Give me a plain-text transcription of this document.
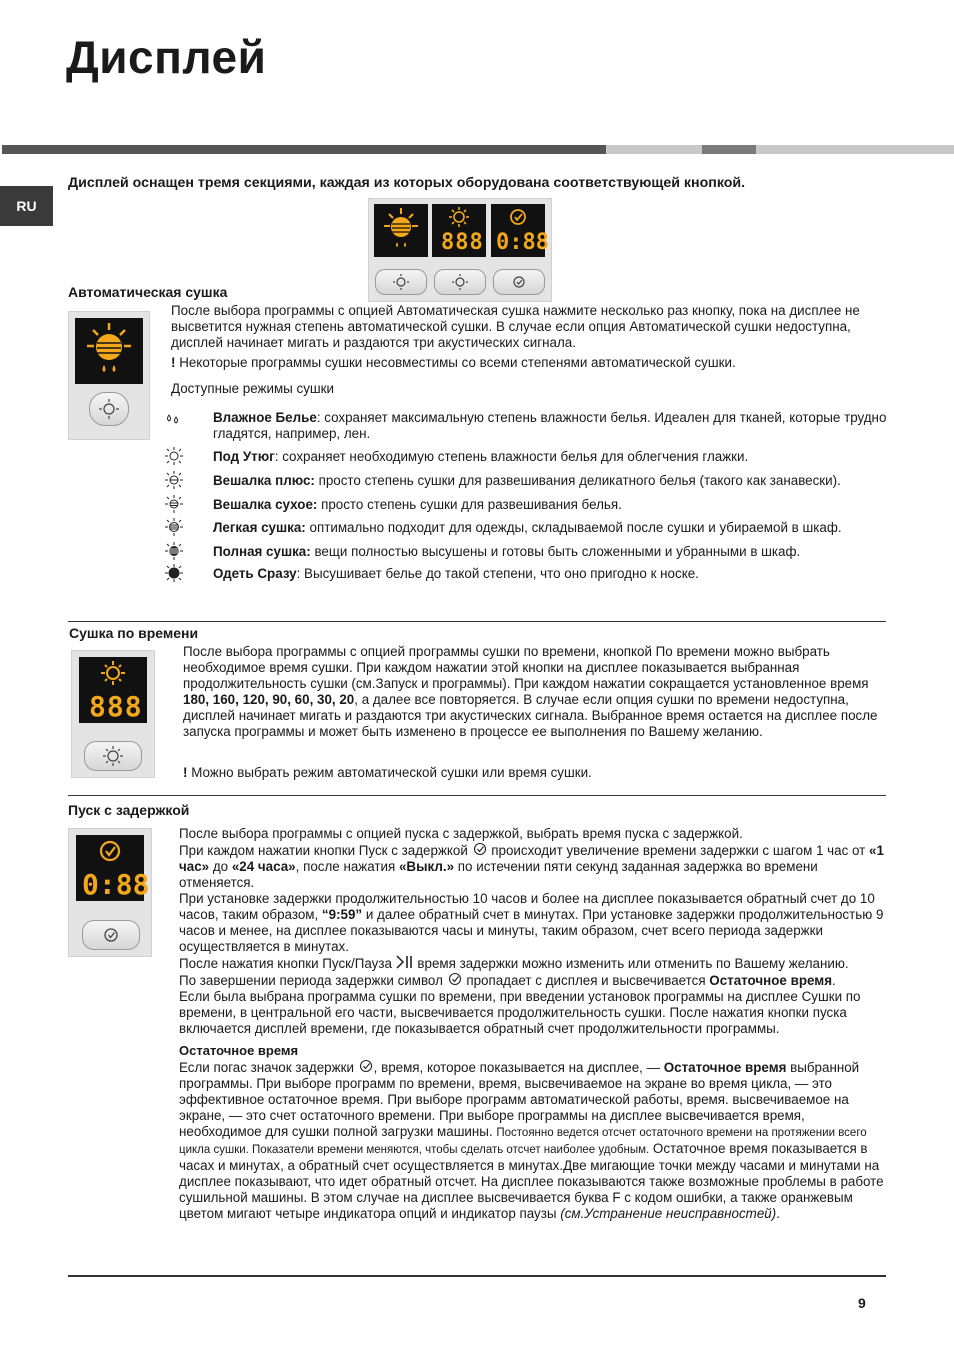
Дисплей
RU
Дисплей оснащен тремя секциями, каждая из которых оборудована соответствующей кнопкой.
888 0:88
Автоматическая сушка
После выбора программы с опцией Автоматическая сушка нажмите несколько раз кнопку, пока на дисплее не высветится нужная степень автоматической сушки. В случае если опция Автоматической сушки недоступна, дисплей начинает мигать и раздаются три акустических сигнала.
! Некоторые программы сушки несовместимы со всеми степенями автоматической сушки.
Доступные режимы сушки
Влажное Белье: сохраняет максимальную степень влажности белья. Идеален для тканей, которые трудно гладятся, например, лен.
Под Утюг: сохраняет необходимую степень влажности белья для облегчения глажки.
Вешалка плюс: просто степень сушки для развешивания деликатного белья (такого как занавески).
Вешалка сухое: просто степень сушки для развешивания белья.
Легкая сушка: оптимально подходит для одежды, складываемой после сушки и убираемой в шкаф.
Полная сушка: вещи полностью высушены и готовы быть сложенными и убранными в шкаф.
Одеть Сразу: Высушивает белье до такой степени, что оно пригодно к носке.
Сушка по времени
888
После выбора программы с опцией программы сушки по времени, кнопкой По времени можно выбрать необходимое время сушки. При каждом нажатии этой кнопки на дисплее показывается выбранная продолжительность сушки (см.Запуск и программы). При каждом нажатии сокращается установленное время 180, 160, 120, 90, 60, 30, 20, а далее все повторяется. В случае если опция сушки по времени недоступна, дисплей начинает мигать и раздаются три акустических сигнала. Выбранное время остается на дисплее после запуска программы и может быть изменено в процессе ее выполнения по Вашему желанию.
! Можно выбрать режим автоматической сушки или время сушки.
Пуск с задержкой
0:88
После выбора программы с опцией пуска с задержкой, выбрать время пуска с задержкой.
При каждом нажатии кнопки Пуск с задержкой  происходит увеличение времени задержки с шагом 1 час от «1 час» до «24 часа», после нажатия «Выкл.» по истечении пяти секунд заданная задержка во времени отменяется.
При установке задержки продолжительностью 10 часов и более на дисплее показывается обратный счет до 10 часов, таким образом, “9:59” и далее обратный счет в минутах. При установке задержки продолжительностью 9 часов и менее, на дисплее показываются часы и минуты, таким образом, счет всего периода задержки осуществляется в минутах.
После нажатия кнопки Пуск/Пауза  время задержки можно изменить или отменить по Вашему желанию.
По завершении периода задержки символ  пропадает с дисплея и высвечивается Остаточное время.
Если была выбрана программа сушки по времени, при введении установок программы на дисплее Сушки по времени, в центральной его части, высвечивается продолжительность сушки. После нажатия кнопки пуска включается дисплей времени, где показывается обратный счет продолжительности программы.
Остаточное время
Если погас значок задержки , время, которое показывается на дисплее, — Остаточное время выбранной программы. При выборе программ по времени, время, высвечиваемое на экране во время цикла, — это эффективное остаточное время. При выборе программ автоматической работы, время. высвечиваемое на экране, — это счет остаточного времени. При выборе программы на дисплее высвечивается время, необходимое для сушки полной загрузки машины. Постоянно ведется отсчет остаточного времени на протяжении всего цикла сушки. Показатели времени меняются, чтобы сделать отсчет наиболее удобным. Остаточное время показывается в часах и минутах, а обратный счет осуществляется в минутах.Две мигающие точки между часами и минутами на дисплее показывают, что идет обратный отсчет. На дисплее показываются также возможные проблемы в работе сушильной машины. В этом случае на дисплее высвечивается буква F с кодом ошибки, а также оранжевым цветом мигают четыре индикатора опций и индикатор паузы (см.Устранение неисправностей).
9
